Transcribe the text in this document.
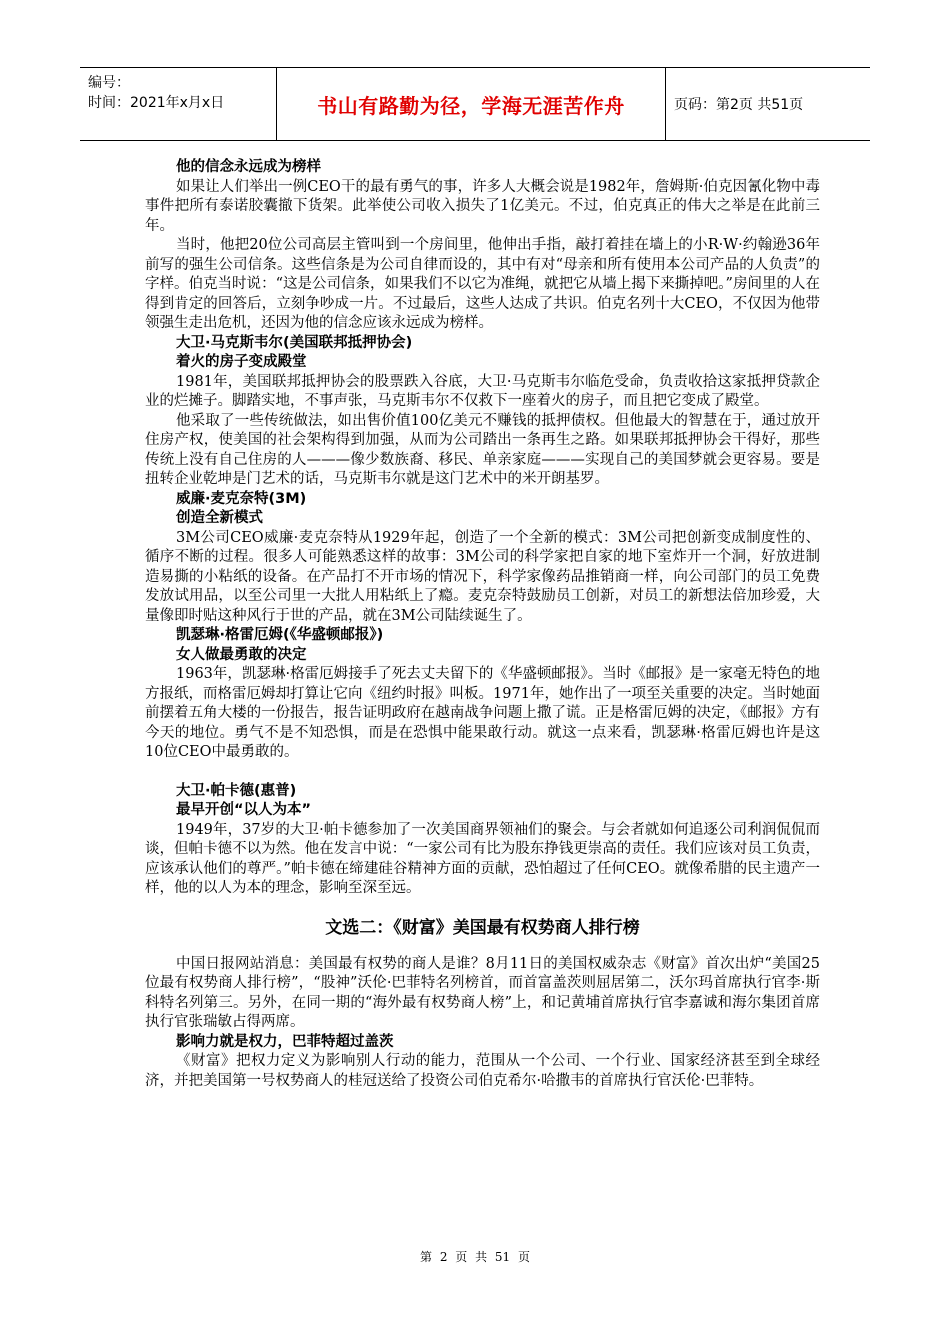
编号：
时间：2021年x月x日	书山有路勤为径，学海无涯苦作舟	页码：第2页 共51页
他的信念永远成为榜样

如果让人们举出一例CEO干的最有勇气的事，许多人大概会说是1982年，詹姆斯·伯克因氰化物中毒事件把所有泰诺胶囊撤下货架。此举使公司收入损失了1亿美元。不过，伯克真正的伟大之举是在此前三年。

当时，他把20位公司高层主管叫到一个房间里，他伸出手指，敲打着挂在墙上的小R·W·约翰逊36年前写的强生公司信条。这些信条是为公司自律而设的，其中有对“母亲和所有使用本公司产品的人负责”的字样。伯克当时说：“这是公司信条，如果我们不以它为准绳，就把它从墙上揭下来撕掉吧。”房间里的人在得到肯定的回答后，立刻争吵成一片。不过最后，这些人达成了共识。伯克名列十大CEO，不仅因为他带领强生走出危机，还因为他的信念应该永远成为榜样。

大卫·马克斯韦尔(美国联邦抵押协会)
着火的房子变成殿堂

1981年，美国联邦抵押协会的股票跌入谷底，大卫·马克斯韦尔临危受命，负责收拾这家抵押贷款企业的烂摊子。脚踏实地，不事声张，马克斯韦尔不仅救下一座着火的房子，而且把它变成了殿堂。

他采取了一些传统做法，如出售价值100亿美元不赚钱的抵押债权。但他最大的智慧在于，通过放开住房产权，使美国的社会架构得到加强，从而为公司踏出一条再生之路。如果联邦抵押协会干得好，那些传统上没有自己住房的人———像少数族裔、移民、单亲家庭———实现自己的美国梦就会更容易。要是扭转企业乾坤是门艺术的话，马克斯韦尔就是这门艺术中的米开朗基罗。

威廉·麦克奈特(3M)
创造全新模式

3M公司CEO威廉·麦克奈特从1929年起，创造了一个全新的模式：3M公司把创新变成制度性的、循序不断的过程。很多人可能熟悉这样的故事：3M公司的科学家把自家的地下室炸开一个洞，好放进制造易撕的小粘纸的设备。在产品打不开市场的情况下，科学家像药品推销商一样，向公司部门的员工免费发放试用品，以至公司里一大批人用粘纸上了瘾。麦克奈特鼓励员工创新，对员工的新想法倍加珍爱，大量像即时贴这种风行于世的产品，就在3M公司陆续诞生了。

凯瑟琳·格雷厄姆(《华盛顿邮报》)
女人做最勇敢的决定

1963年，凯瑟琳·格雷厄姆接手了死去丈夫留下的《华盛顿邮报》。当时《邮报》是一家毫无特色的地方报纸，而格雷厄姆却打算让它向《纽约时报》叫板。1971年，她作出了一项至关重要的决定。当时她面前摆着五角大楼的一份报告，报告证明政府在越南战争问题上撒了谎。正是格雷厄姆的决定，《邮报》方有今天的地位。勇气不是不知恐惧，而是在恐惧中能果敢行动。就这一点来看，凯瑟琳·格雷厄姆也许是这10位CEO中最勇敢的。

大卫·帕卡德(惠普)
最早开创“以人为本”

1949年，37岁的大卫·帕卡德参加了一次美国商界领袖们的聚会。与会者就如何追逐公司利润侃侃而谈，但帕卡德不以为然。他在发言中说：“一家公司有比为股东挣钱更崇高的责任。我们应该对员工负责，应该承认他们的尊严。”帕卡德在缔建硅谷精神方面的贡献，恐怕超过了任何CEO。就像希腊的民主遗产一样，他的以人为本的理念，影响至深至远。

文选二：《财富》美国最有权势商人排行榜

中国日报网站消息：美国最有权势的商人是谁？8月11日的美国权威杂志《财富》首次出炉“美国25位最有权势商人排行榜”，“股神”沃伦·巴菲特名列榜首，而首富盖茨则屈居第二，沃尔玛首席执行官李·斯科特名列第三。另外，在同一期的“海外最有权势商人榜”上，和记黄埔首席执行官李嘉诚和海尔集团首席执行官张瑞敏占得两席。

影响力就是权力，巴菲特超过盖茨

《财富》把权力定义为影响别人行动的能力，范围从一个公司、一个行业、国家经济甚至到全球经济，并把美国第一号权势商人的桂冠送给了投资公司伯克希尔·哈撒韦的首席执行官沃伦·巴菲特。

第 2 页 共 51 页
